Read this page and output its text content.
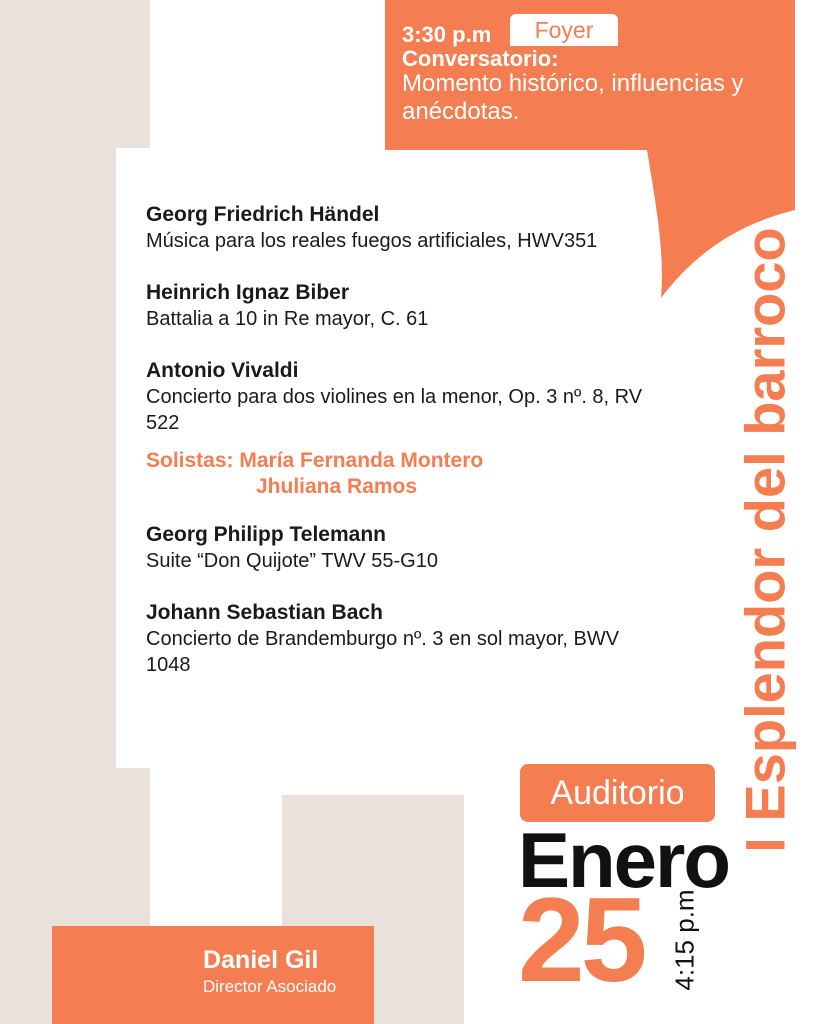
Foyer
3:30 p.m
Conversatorio:
Momento histórico, influencias y anécdotas.
Georg Friedrich Händel
Música para los reales fuegos artificiales, HWV351
Heinrich Ignaz Biber
Battalia a 10 in Re mayor, C. 61
Antonio Vivaldi
Concierto para dos violines en la menor, Op. 3 nº. 8, RV 522
Solistas: María Fernanda Montero
Jhuliana Ramos
Georg Philipp Telemann
Suite “Don Quijote” TWV 55-G10
Johann Sebastian Bach
Concierto de Brandemburgo nº. 3 en sol mayor, BWV 1048	I Esplendor del barroco
Auditorio
Enero
25 4:15 p.m
Daniel Gil
Director Asociado
